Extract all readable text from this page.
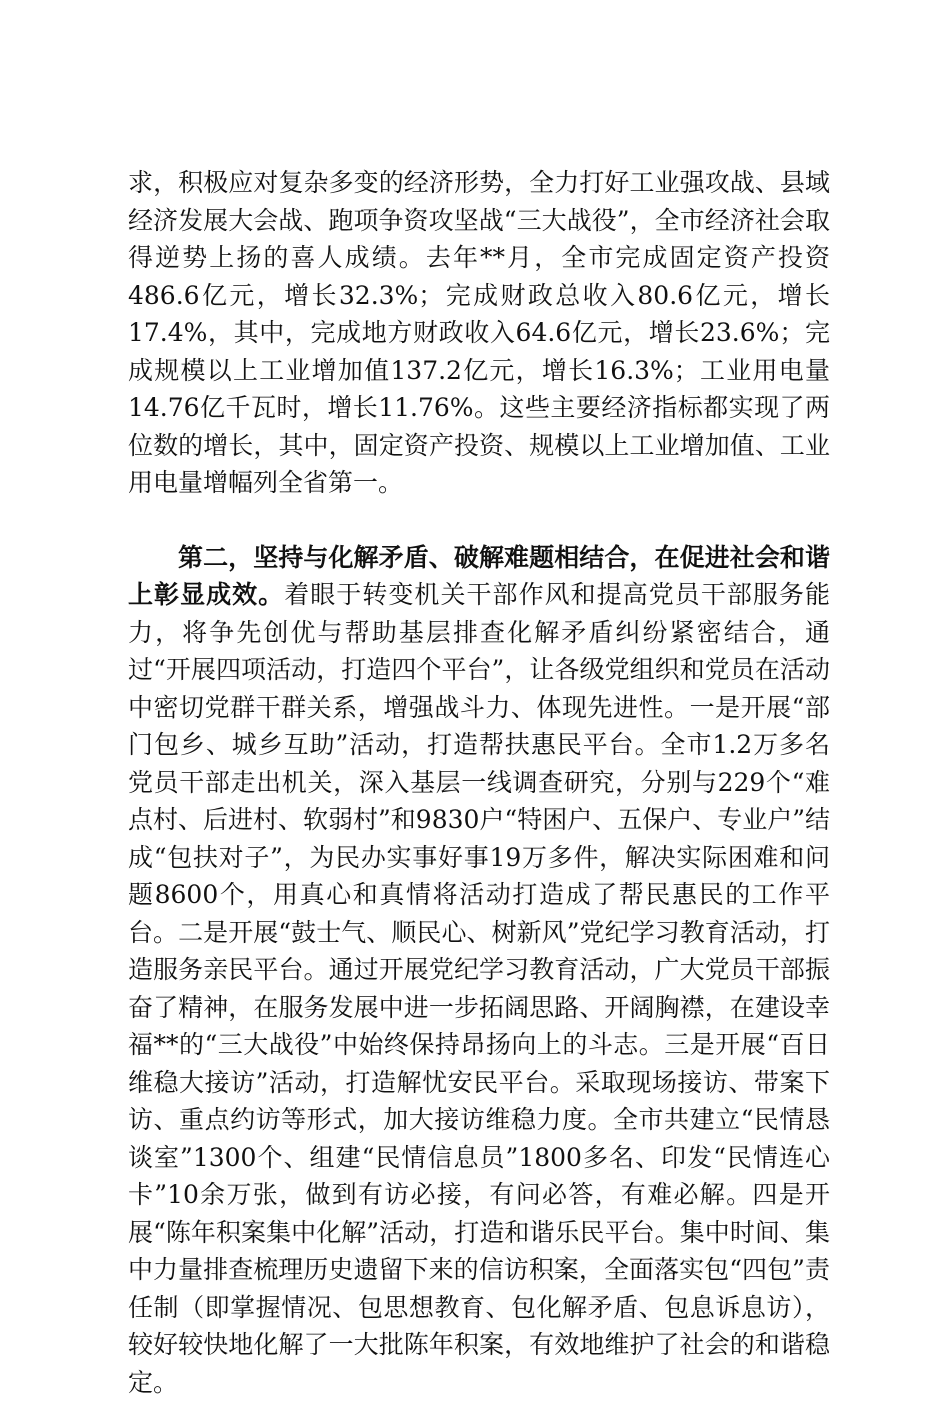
求，积极应对复杂多变的经济形势，全力打好工业强攻战、县域经济发展大会战、跑项争资攻坚战“三大战役”，全市经济社会取得逆势上扬的喜人成绩。去年**月，全市完成固定资产投资486.6亿元，增长32.3%；完成财政总收入80.6亿元，增长17.4%，其中，完成地方财政收入64.6亿元，增长23.6%；完成规模以上工业增加值137.2亿元，增长16.3%；工业用电量14.76亿千瓦时，增长11.76%。这些主要经济指标都实现了两位数的增长，其中，固定资产投资、规模以上工业增加值、工业用电量增幅列全省第一。

第二，坚持与化解矛盾、破解难题相结合，在促进社会和谐上彰显成效。着眼于转变机关干部作风和提高党员干部服务能力，将争先创优与帮助基层排查化解矛盾纠纷紧密结合，通过“开展四项活动，打造四个平台”，让各级党组织和党员在活动中密切党群干群关系，增强战斗力、体现先进性。一是开展“部门包乡、城乡互助”活动，打造帮扶惠民平台。全市1.2万多名党员干部走出机关，深入基层一线调查研究，分别与229个“难点村、后进村、软弱村”和9830户“特困户、五保户、专业户”结成“包扶对子”，为民办实事好事19万多件，解决实际困难和问题8600个，用真心和真情将活动打造成了帮民惠民的工作平台。二是开展“鼓士气、顺民心、树新风”党纪学习教育活动，打造服务亲民平台。通过开展党纪学习教育活动，广大党员干部振奋了精神，在服务发展中进一步拓阔思路、开阔胸襟，在建设幸福**的“三大战役”中始终保持昂扬向上的斗志。三是开展“百日维稳大接访”活动，打造解忧安民平台。采取现场接访、带案下访、重点约访等形式，加大接访维稳力度。全市共建立“民情恳谈室”1300个、组建“民情信息员”1800多名、印发“民情连心卡”10余万张，做到有访必接，有问必答，有难必解。四是开展“陈年积案集中化解”活动，打造和谐乐民平台。集中时间、集中力量排查梳理历史遗留下来的信访积案，全面落实包“四包”责任制（即掌握情况、包思想教育、包化解矛盾、包息诉息访），较好较快地化解了一大批陈年积案，有效地维护了社会的和谐稳定。
